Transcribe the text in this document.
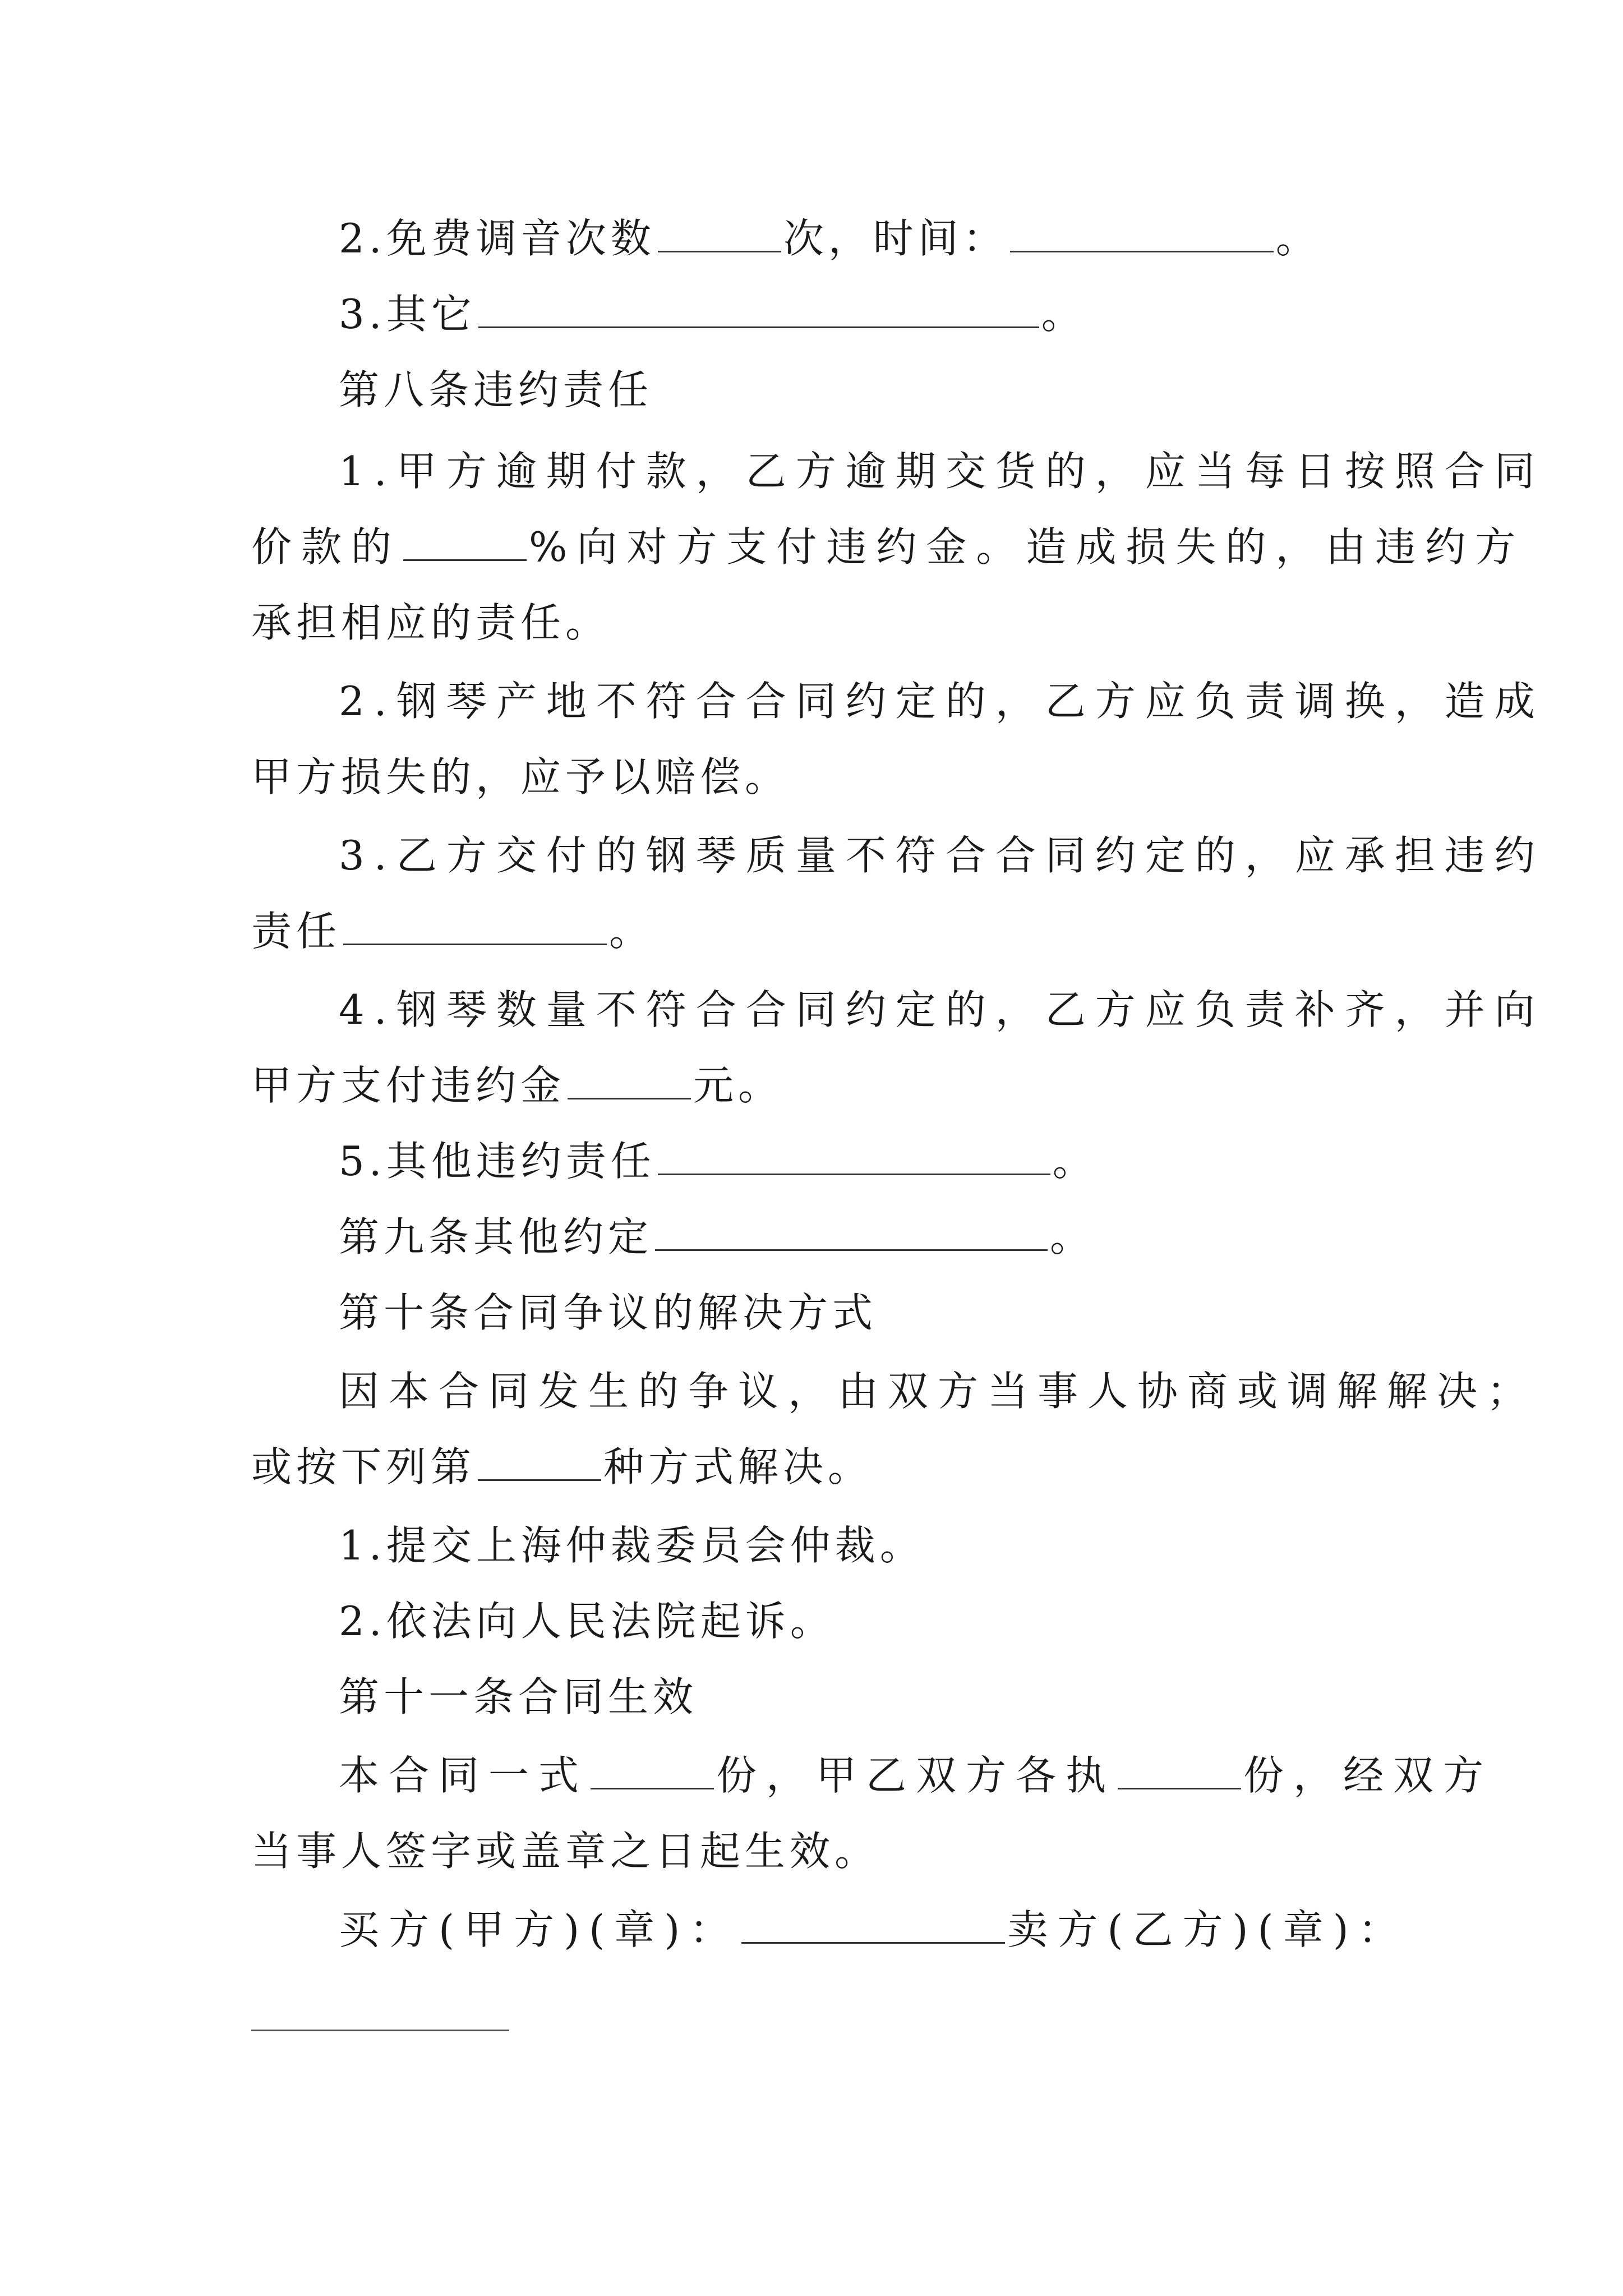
2.免费调音次数	次，时间：	。
3.其它	。
第八条违约责任
1.甲方逾期付款，乙方逾期交货的，应当每日按照合同
价款的	%向对方支付违约金。造成损失的，由违约方
承担相应的责任。
2.钢琴产地不符合合同约定的，乙方应负责调换，造成
甲方损失的，应予以赔偿。
3.乙方交付的钢琴质量不符合合同约定的，应承担违约
责任	。
4.钢琴数量不符合合同约定的，乙方应负责补齐，并向
甲方支付违约金	元。
5.其他违约责任	。
第九条其他约定	。
第十条合同争议的解决方式
因本合同发生的争议，由双方当事人协商或调解解决；
或按下列第	种方式解决。
1.提交上海仲裁委员会仲裁。
2.依法向人民法院起诉。
第十一条合同生效
本合同一式	份，甲乙双方各执	份，经双方
当事人签字或盖章之日起生效。
买方(甲方)(章)：	卖方(乙方)(章)：
